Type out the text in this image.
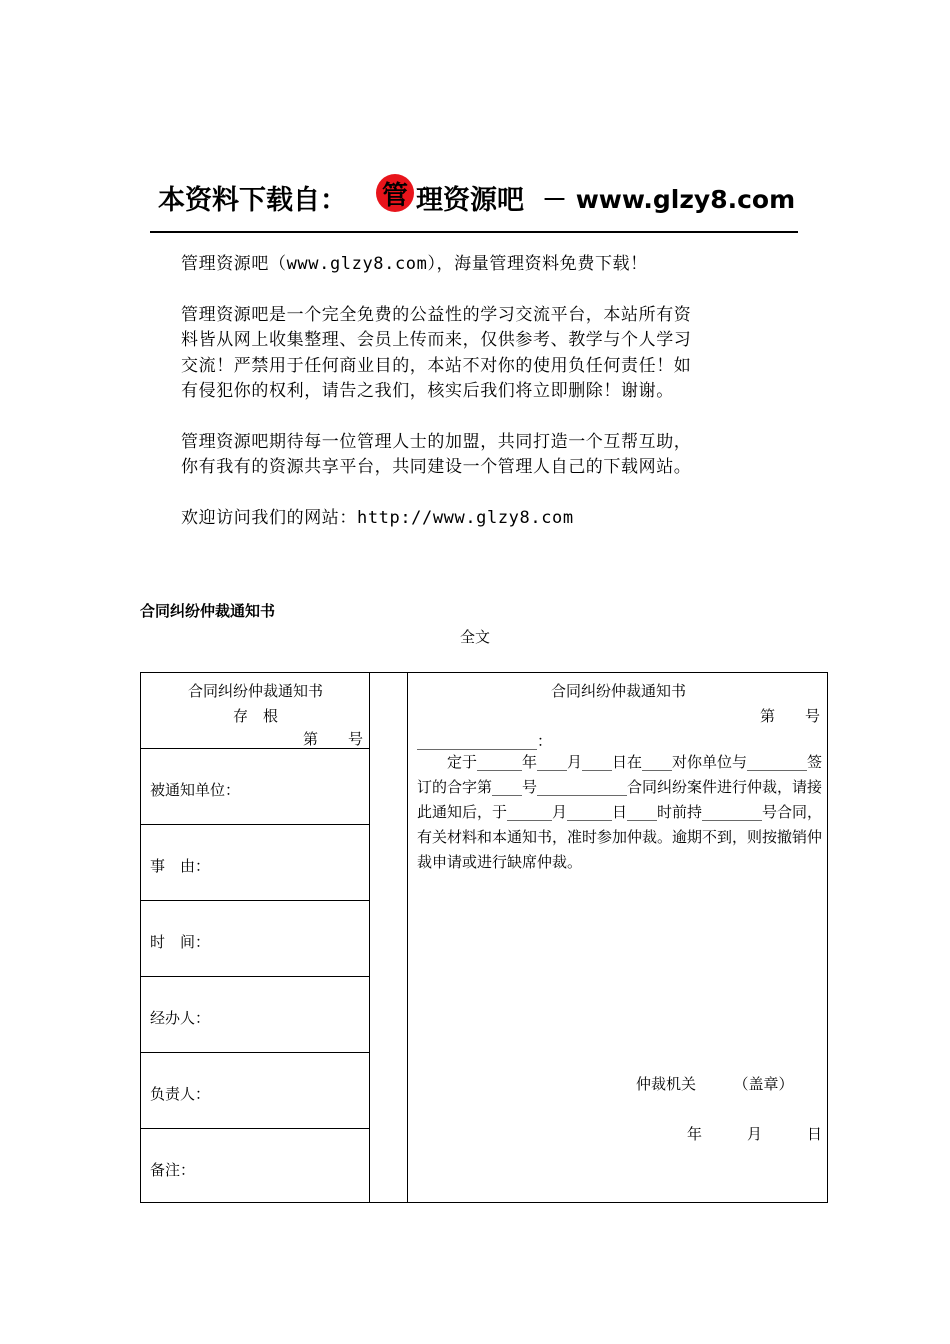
本资料下载自： 管 理资源吧 － www.glzy8.com

管理资源吧（www.glzy8.com），海量管理资料免费下载！

管理资源吧是一个完全免费的公益性的学习交流平台，本站所有资

料皆从网上收集整理、会员上传而来，仅供参考、教学与个人学习

交流！严禁用于任何商业目的，本站不对你的使用负任何责任！如

有侵犯你的权利，请告之我们，核实后我们将立即删除！谢谢。

管理资源吧期待每一位管理人士的加盟，共同打造一个互帮互助，

你有我有的资源共享平台，共同建设一个管理人自己的下载网站。

欢迎访问我们的网站：http://www.glzy8.com

合同纠纷仲裁通知书
全文
合同纠纷仲裁通知书
存　根
第　　号
被通知单位：
事　由：
时　间：
经办人：
负责人：
备注：
合同纠纷仲裁通知书
第　　号
________________：
定于______年____月____日在____对你单位与________签订的合字第____号____________合同纠纷案件进行仲裁，请接此通知后，于______月______日____时前持________号合同，有关材料和本通知书，准时参加仲裁。逾期不到，则按撤销仲裁申请或进行缺席仲裁。
仲裁机关　　　（盖章）
年　　　月　　　日
